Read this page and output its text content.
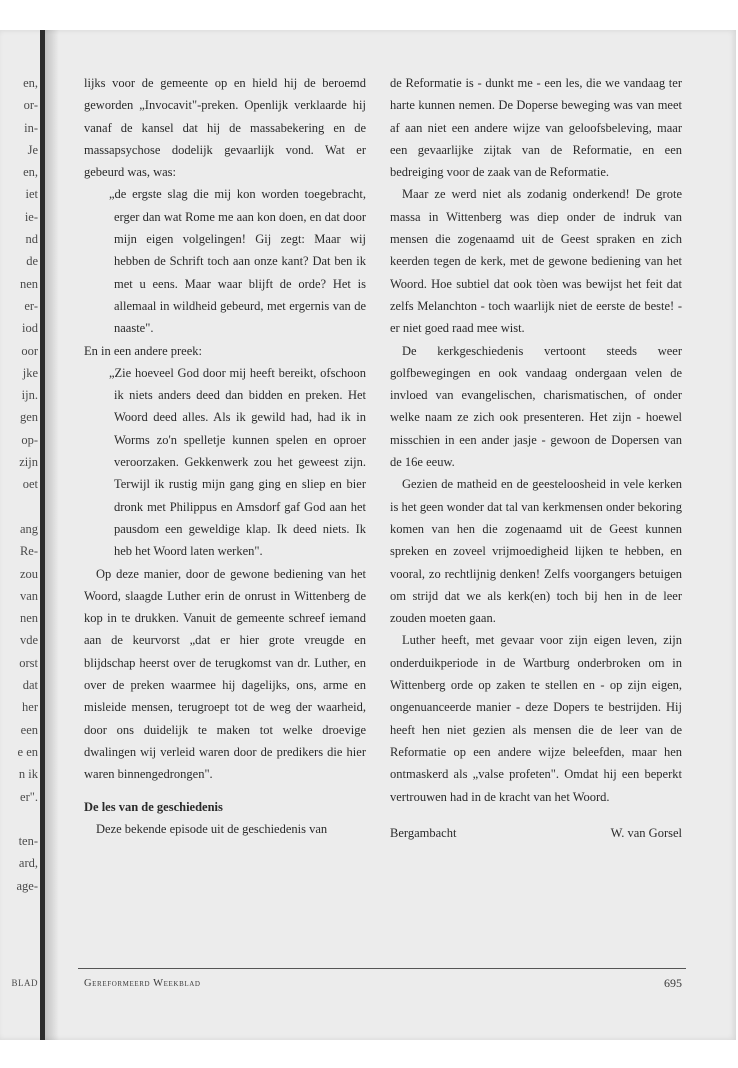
en,
or-
in-
Je
en,
iet
ie-
nd
de
nen
er-
iod
oor
jke
ijn.
gen
op-
zijn
oet
ang
Re-
zou
van
nen
vde
orst
dat
her
een
e en
n ik
er".
ten-
ard,
age-
BLAD

lijks voor de gemeente op en hield hij de beroemd geworden „Invocavit"-preken. Openlijk verklaarde hij vanaf de kansel dat hij de massabekering en de massapsychose dodelijk gevaarlijk vond. Wat er gebeurd was, was:

„de ergste slag die mij kon worden toegebracht, erger dan wat Rome me aan kon doen, en dat door mijn eigen volgelingen! Gij zegt: Maar wij hebben de Schrift toch aan onze kant? Dat ben ik met u eens. Maar waar blijft de orde? Het is allemaal in wildheid gebeurd, met ergernis van de naaste".

En in een andere preek:

„Zie hoeveel God door mij heeft bereikt, ofschoon ik niets anders deed dan bidden en preken. Het Woord deed alles. Als ik gewild had, had ik in Worms zo'n spelletje kunnen spelen en oproer veroorzaken. Gekkenwerk zou het geweest zijn. Terwijl ik rustig mijn gang ging en sliep en bier dronk met Philippus en Amsdorf gaf God aan het pausdom een geweldige klap. Ik deed niets. Ik heb het Woord laten werken".

Op deze manier, door de gewone bediening van het Woord, slaagde Luther erin de onrust in Wittenberg de kop in te drukken. Vanuit de gemeente schreef iemand aan de keurvorst „dat er hier grote vreugde en blijdschap heerst over de terugkomst van dr. Luther, en over de preken waarmee hij dagelijks, ons, arme en misleide mensen, terugroept tot de weg der waarheid, door ons duidelijk te maken tot welke droevige dwalingen wij verleid waren door de predikers die hier waren binnengedrongen".

De les van de geschiedenis

Deze bekende episode uit de geschiedenis van

de Reformatie is - dunkt me - een les, die we vandaag ter harte kunnen nemen. De Doperse beweging was van meet af aan niet een andere wijze van geloofsbeleving, maar een gevaarlijke zijtak van de Reformatie, en een bedreiging voor de zaak van de Reformatie.

Maar ze werd niet als zodanig onderkend! De grote massa in Wittenberg was diep onder de indruk van mensen die zogenaamd uit de Geest spraken en zich keerden tegen de kerk, met de gewone bediening van het Woord. Hoe subtiel dat ook tòen was bewijst het feit dat zelfs Melanchton - toch waarlijk niet de eerste de beste! - er niet goed raad mee wist.

De kerkgeschiedenis vertoont steeds weer golfbewegingen en ook vandaag ondergaan velen de invloed van evangelischen, charismatischen, of onder welke naam ze zich ook presenteren. Het zijn - hoewel misschien in een ander jasje - gewoon de Dopersen van de 16e eeuw.

Gezien de matheid en de geesteloosheid in vele kerken is het geen wonder dat tal van kerkmensen onder bekoring komen van hen die zogenaamd uit de Geest kunnen spreken en zoveel vrijmoedigheid lijken te hebben, en vooral, zo rechtlijnig denken! Zelfs voorgangers betuigen om strijd dat we als kerk(en) toch bij hen in de leer zouden moeten gaan.

Luther heeft, met gevaar voor zijn eigen leven, zijn onderduikperiode in de Wartburg onderbroken om in Wittenberg orde op zaken te stellen en - op zijn eigen, ongenuanceerde manier - deze Dopers te bestrijden. Hij heeft hen niet gezien als mensen die de leer van de Reformatie op een andere wijze beleefden, maar hen ontmaskerd als „valse profeten". Omdat hij een beperkt vertrouwen had in de kracht van het Woord.

Bergambacht	W. van Gorsel
Gereformeerd Weekblad	695
